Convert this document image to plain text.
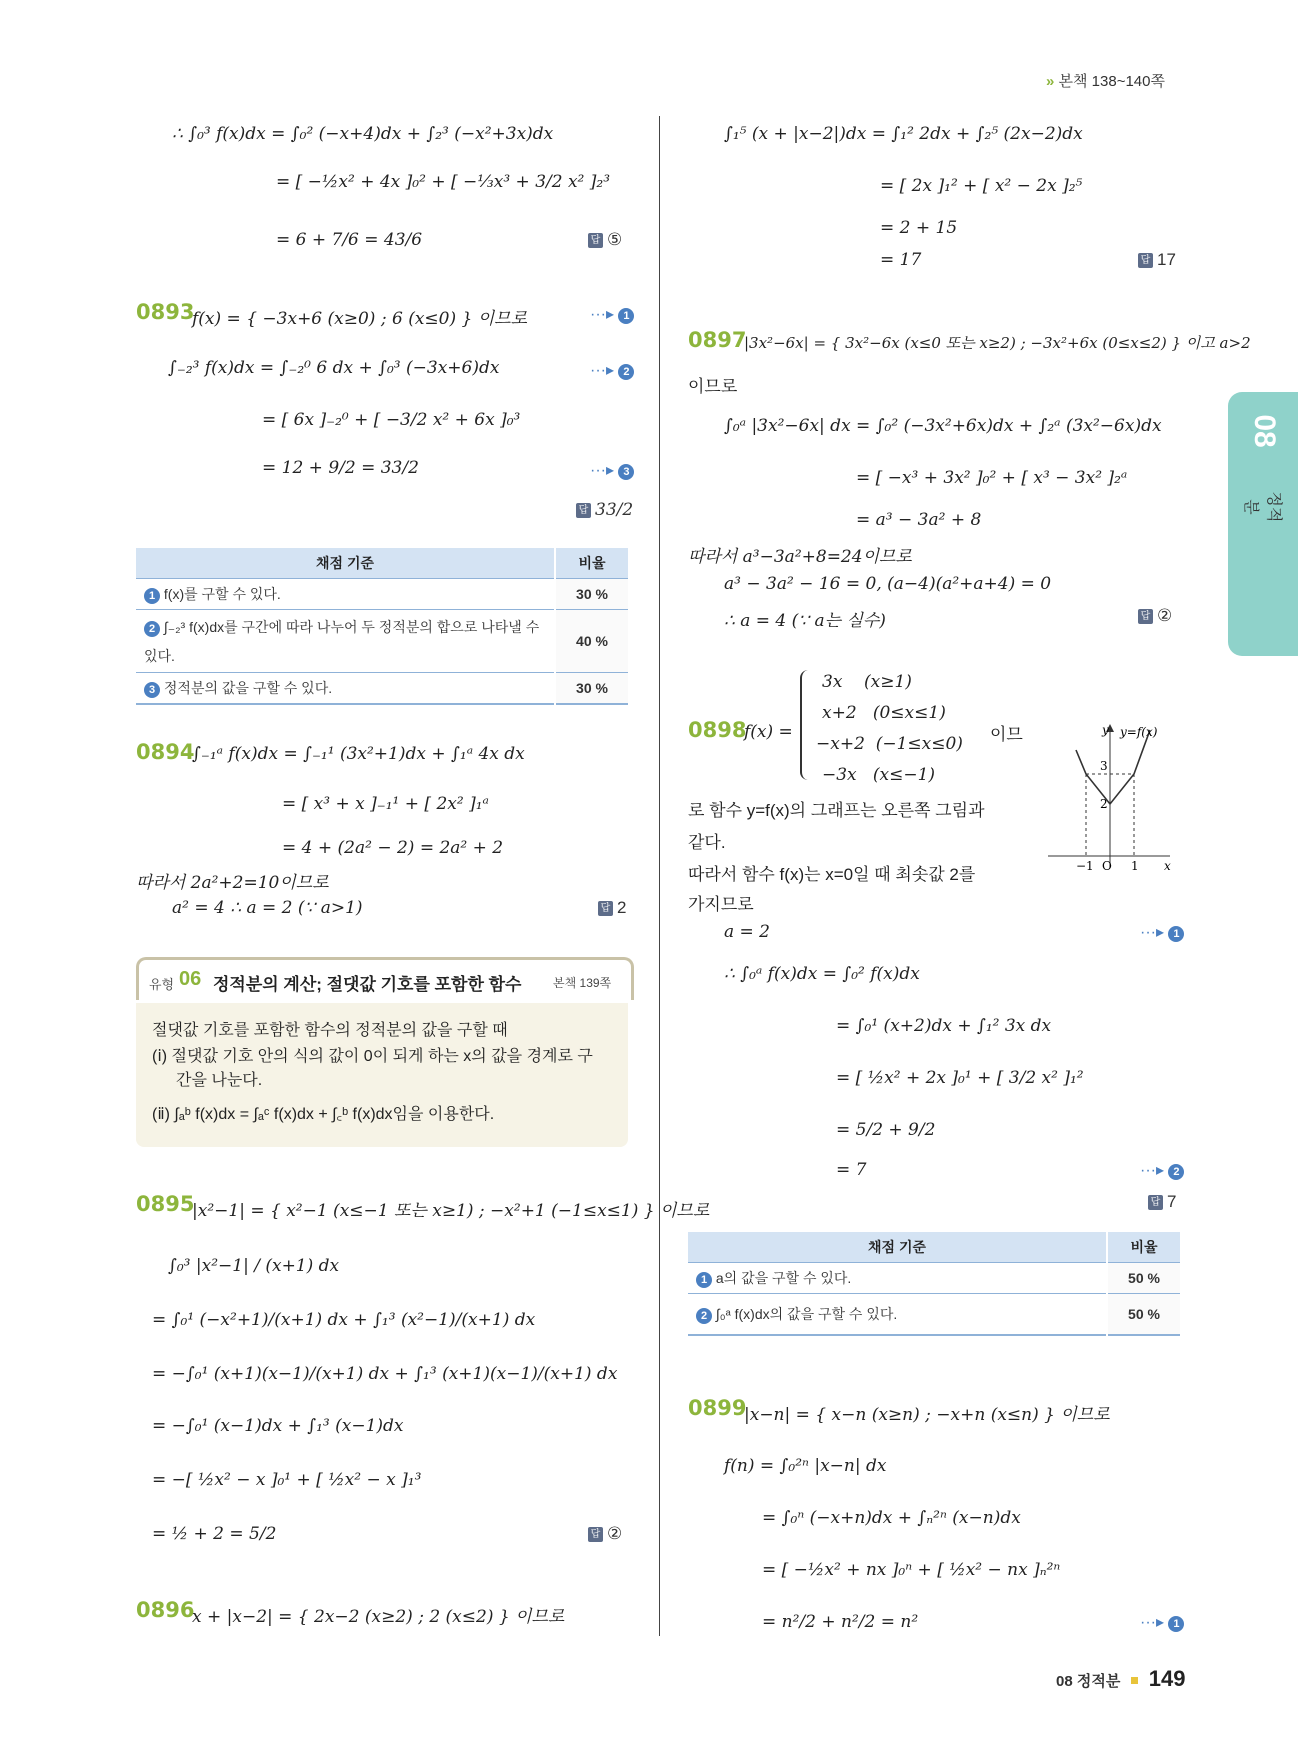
» 본책 138~140쪽
08
정적분
∴ ∫₀³ f(x)dx = ∫₀² (−x+4)dx + ∫₂³ (−x²+3x)dx
= [ −½x² + 4x ]₀² + [ −⅓x³ + 3/2 x² ]₂³
= 6 + 7/6 = 43/6	답 ⑤
0893
f(x) = { −3x+6 (x≥0) ; 6 (x≤0) } 이므로	···▸ 1
∫₋₂³ f(x)dx = ∫₋₂⁰ 6 dx + ∫₀³ (−3x+6)dx	···▸ 2
= [ 6x ]₋₂⁰ + [ −3/2 x² + 6x ]₀³
= 12 + 9/2 = 33/2	···▸ 3
답 33/2
채점 기준	비율
1 f(x)를 구할 수 있다.	30 %
2 ∫₋₂³ f(x)dx를 구간에 따라 나누어 두 정적분의 합으로 나타낼 수 있다.	40 %
3 정적분의 값을 구할 수 있다.	30 %
0894
∫₋₁ᵃ f(x)dx = ∫₋₁¹ (3x²+1)dx + ∫₁ᵃ 4x dx
= [ x³ + x ]₋₁¹ + [ 2x² ]₁ᵃ
= 4 + (2a² − 2) = 2a² + 2
따라서 2a²+2=10이므로
a² = 4 ∴ a = 2 (∵ a>1)	답 2
유형 06 정적분의 계산; 절댓값 기호를 포함한 함수	본책 139쪽
절댓값 기호를 포함한 함수의 정적분의 값을 구할 때
(ⅰ) 절댓값 기호 안의 식의 값이 0이 되게 하는 x의 값을 경계로 구
간을 나눈다.
(ⅱ) ∫ₐᵇ f(x)dx = ∫ₐᶜ f(x)dx + ∫꜀ᵇ f(x)dx임을 이용한다.
0895
|x²−1| = { x²−1 (x≤−1 또는 x≥1) ; −x²+1 (−1≤x≤1) } 이므로
∫₀³ |x²−1| / (x+1) dx
= ∫₀¹ (−x²+1)/(x+1) dx + ∫₁³ (x²−1)/(x+1) dx
= −∫₀¹ (x+1)(x−1)/(x+1) dx + ∫₁³ (x+1)(x−1)/(x+1) dx
= −∫₀¹ (x−1)dx + ∫₁³ (x−1)dx
= −[ ½x² − x ]₀¹ + [ ½x² − x ]₁³
= ½ + 2 = 5/2	답 ②
0896
x + |x−2| = { 2x−2 (x≥2) ; 2 (x≤2) } 이므로
∫₁⁵ (x + |x−2|)dx = ∫₁² 2dx + ∫₂⁵ (2x−2)dx
= [ 2x ]₁² + [ x² − 2x ]₂⁵
= 2 + 15
= 17	답 17
0897
|3x²−6x| = { 3x²−6x (x≤0 또는 x≥2) ; −3x²+6x (0≤x≤2) } 이고 a>2
이므로
∫₀ᵃ |3x²−6x| dx = ∫₀² (−3x²+6x)dx + ∫₂ᵃ (3x²−6x)dx
= [ −x³ + 3x² ]₀² + [ x³ − 3x² ]₂ᵃ
= a³ − 3a² + 8
따라서 a³−3a²+8=24이므로
a³ − 3a² − 16 = 0, (a−4)(a²+a+4) = 0
∴ a = 4 (∵ a는 실수)	답 ②
0898
f(x) =
3x    (x≥1)
x+2   (0≤x≤1)
−x+2  (−1≤x≤0)
−3x   (x≤−1)
이므
로 함수 y=f(x)의 그래프는 오른쪽 그림과
같다.
따라서 함수 f(x)는 x=0일 때 최솟값 2를
가지므로
a = 2	···▸ 1
∴ ∫₀ᵃ f(x)dx = ∫₀² f(x)dx
= ∫₀¹ (x+2)dx + ∫₁² 3x dx
= [ ½x² + 2x ]₀¹ + [ 3/2 x² ]₁²
= 5/2 + 9/2
= 7	···▸ 2
답 7
y y=f(x)
3
2
−1 O 1 x
채점 기준	비율
1 a의 값을 구할 수 있다.	50 %
2 ∫₀ᵃ f(x)dx의 값을 구할 수 있다.	50 %
0899
|x−n| = { x−n (x≥n) ; −x+n (x≤n) } 이므로
f(n) = ∫₀²ⁿ |x−n| dx
= ∫₀ⁿ (−x+n)dx + ∫ₙ²ⁿ (x−n)dx
= [ −½x² + nx ]₀ⁿ + [ ½x² − nx ]ₙ²ⁿ
= n²/2 + n²/2 = n²	···▸ 1
08 정적분 149
